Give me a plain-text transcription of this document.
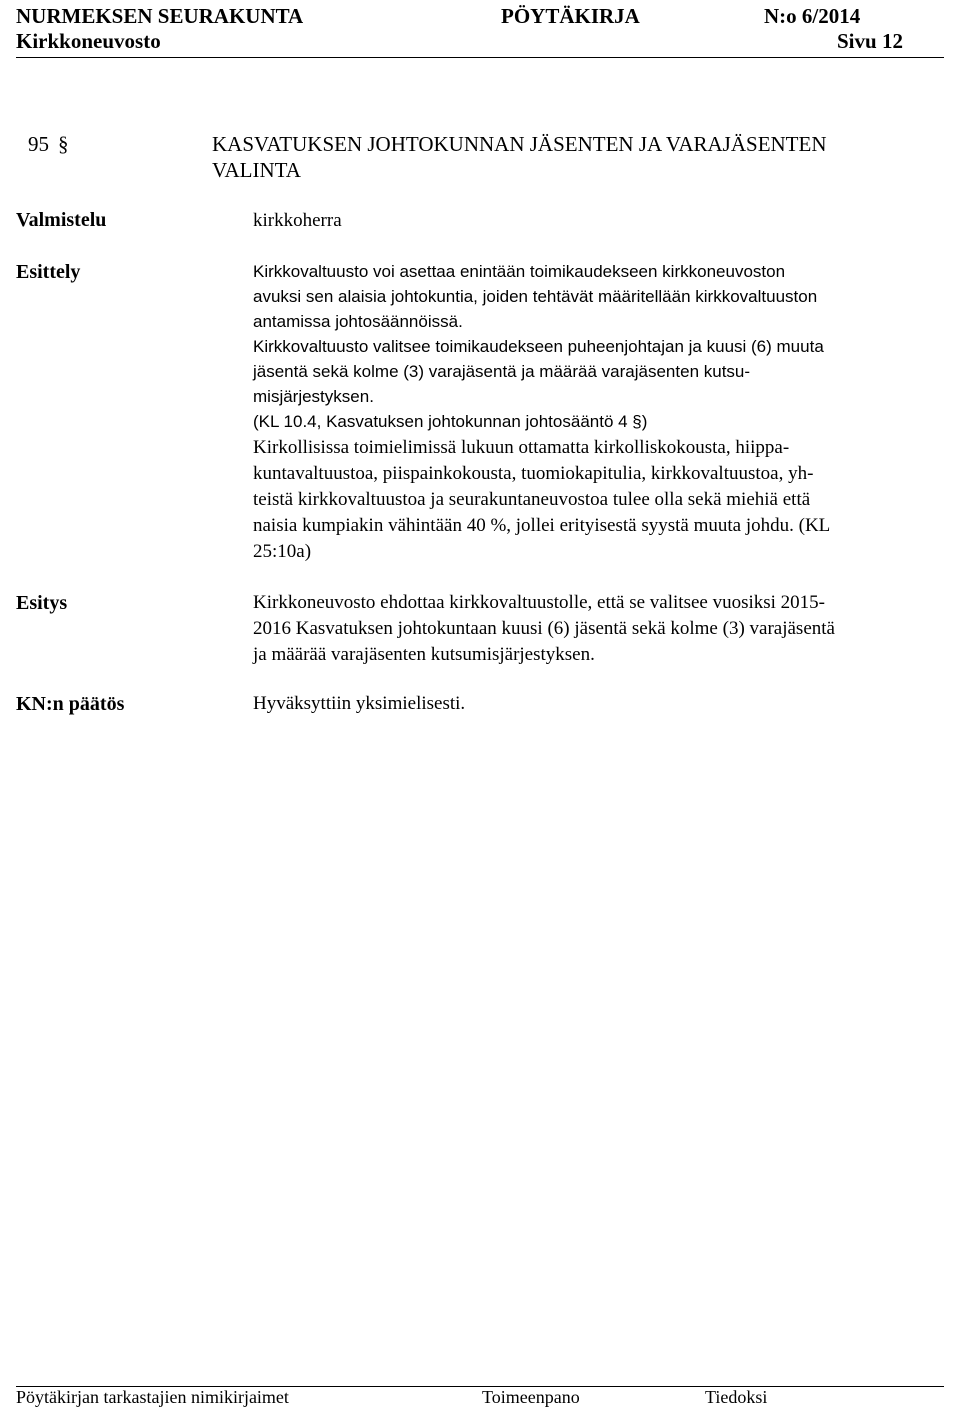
NURMEKSEN SEURAKUNTA	PÖYTÄKIRJA	N:o 6/2014
Kirkkoneuvosto	Sivu 12
95 §	KASVATUKSEN JOHTOKUNNAN JÄSENTEN JA VARAJÄSENTEN
VALINTA
Valmistelu	kirkkoherra
Esittely	Kirkkovaltuusto voi asettaa enintään toimikaudekseen kirkkoneuvoston
avuksi sen alaisia johtokuntia, joiden tehtävät määritellään kirkkovaltuuston
antamissa johtosäännöissä.
Kirkkovaltuusto valitsee toimikaudekseen puheenjohtajan ja kuusi (6) muuta
jäsentä sekä kolme (3) varajäsentä ja määrää varajäsenten kutsu-
misjärjestyksen.
(KL 10.4, Kasvatuksen johtokunnan johtosääntö 4 §)
Kirkollisissa toimielimissä lukuun ottamatta kirkolliskokousta, hiippa-
kuntavaltuustoa, piispainkokousta, tuomiokapitulia, kirkkovaltuustoa, yh-
teistä kirkkovaltuustoa ja seurakuntaneuvostoa tulee olla sekä miehiä että
naisia kumpiakin vähintään 40 %, jollei erityisestä syystä muuta johdu. (KL
25:10a)
Esitys	Kirkkoneuvosto ehdottaa kirkkovaltuustolle, että se valitsee vuosiksi 2015-
2016 Kasvatuksen johtokuntaan kuusi (6) jäsentä sekä kolme (3) varajäsentä
ja määrää varajäsenten kutsumisjärjestyksen.
KN:n päätös	Hyväksyttiin yksimielisesti.
Pöytäkirjan tarkastajien nimikirjaimet	Toimeenpano	Tiedoksi
